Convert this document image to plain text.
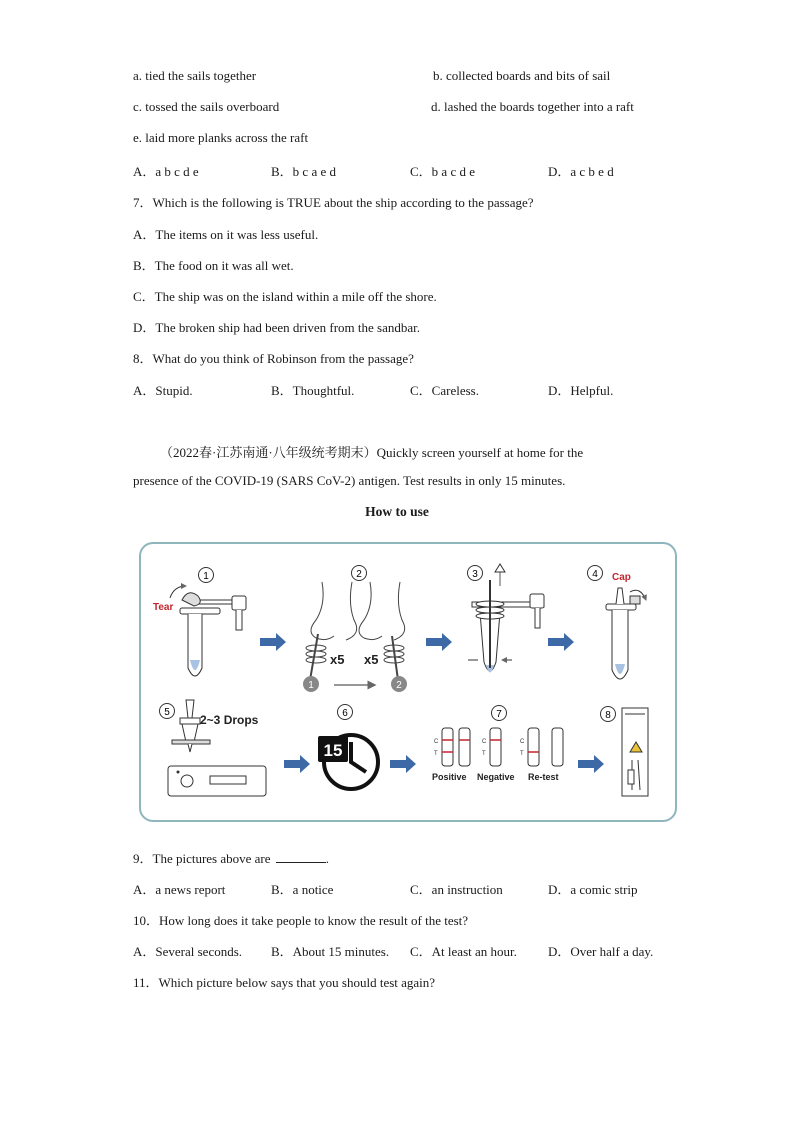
a. tied the sails together	b. collected boards and bits of sail
c. tossed the sails overboard	d. lashed the boards together into a raft
e. laid more planks across the raft
A．a b c d e	B．b c a e d	C．b a c d e	D．a c b e d
7．Which is the following is TRUE about the ship according to the passage?
A．The items on it was less useful.
B．The food on it was all wet.
C．The ship was on the island within a mile off the shore.
D．The broken ship had been driven from the sandbar.
8．What do you think of Robinson from the passage?
A．Stupid.	B．Thoughtful.	C．Careless.	D．Helpful.
（2022春·江苏南通·八年级统考期末）Quickly screen yourself at home for the
presence of the COVID-19 (SARS CoV-2) antigen. Test results in only 15 minutes.
How to use
1	2	3	4
5	6	7	8
Tear
x5 x5
1	2
Cap
2~3 Drops
15	C
T
C
T
C
T
Positive Negative Re-test
9．The pictures above are	.
A．a news report	B．a notice	C．an instruction	D．a comic strip
10．How long does it take people to know the result of the test?
A．Several seconds. B．About 15 minutes. C．At least an hour. D．Over half a day.
11．Which picture below says that you should test again?
